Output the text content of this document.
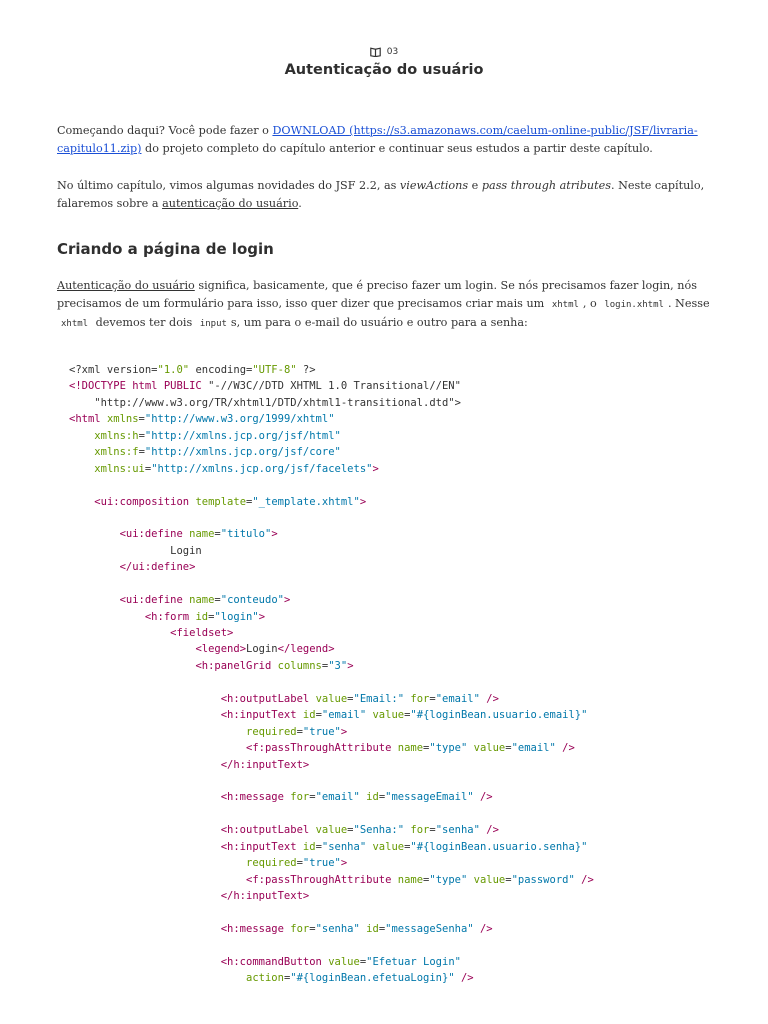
03
Autenticação do usuário
Começando daqui? Você pode fazer o DOWNLOAD (https://s3.amazonaws.com/caelum-online-public/JSF/livraria-
capitulo11.zip) do projeto completo do capítulo anterior e continuar seus estudos a partir deste capítulo.
No último capítulo, vimos algumas novidades do JSF 2.2, as viewActions e pass through atributes. Neste capítulo, falaremos sobre a autenticação do usuário.
Criando a página de login
Autenticação do usuário significa, basicamente, que é preciso fazer um login. Se nós precisamos fazer login, nós precisamos de um formulário para isso, isso quer dizer que precisamos criar mais um xhtml , o login.xhtml . Nesse xhtml devemos ter dois input s, um para o e-mail do usuário e outro para a senha:
<?xml version="1.0" encoding="UTF-8" ?>
<!DOCTYPE html PUBLIC "-//W3C//DTD XHTML 1.0 Transitional//EN"
"http://www.w3.org/TR/xhtml1/DTD/xhtml1-transitional.dtd">
<html xmlns="http://www.w3.org/1999/xhtml"
xmlns:h="http://xmlns.jcp.org/jsf/html"
xmlns:f="http://xmlns.jcp.org/jsf/core"
xmlns:ui="http://xmlns.jcp.org/jsf/facelets">

<ui:composition template="_template.xhtml">

<ui:define name="titulo">
Login
</ui:define>

<ui:define name="conteudo">
<h:form id="login">
<fieldset>
<legend>Login</legend>
<h:panelGrid columns="3">

<h:outputLabel value="Email:" for="email" />
<h:inputText id="email" value="#{loginBean.usuario.email}"
required="true">
<f:passThroughAttribute name="type" value="email" />
</h:inputText>

<h:message for="email" id="messageEmail" />

<h:outputLabel value="Senha:" for="senha" />
<h:inputText id="senha" value="#{loginBean.usuario.senha}"
required="true">
<f:passThroughAttribute name="type" value="password" />
</h:inputText>

<h:message for="senha" id="messageSenha" />

<h:commandButton value="Efetuar Login"
action="#{loginBean.efetuaLogin}" />
